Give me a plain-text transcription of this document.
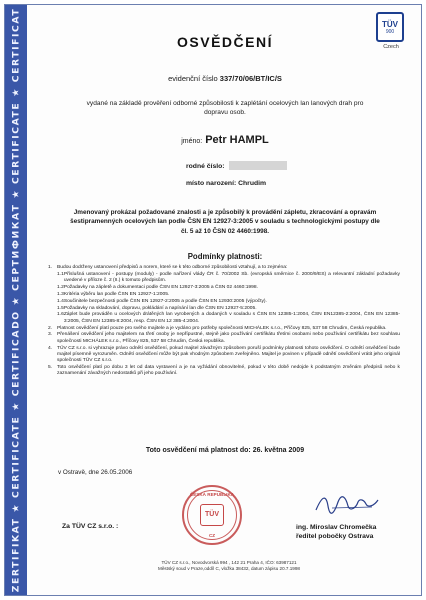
ZERTIFIKAT ★ CERTIFICATE ★ CERTIFICADO ★ СЕРТИФИКАТ ★ CERTIFICATE ★ CERTIFICAT	TÜV
900
Czech
OSVĚDČENÍ
evidenční číslo 337/70/06/BT/IC/S
vydané na základě prověření odborné způsobilosti k zaplétání ocelových lan lanových drah pro dopravu osob.
jméno: Petr HAMPL
rodné číslo:
místo narození: Chrudim
Jmenovaný prokázal požadované znalosti a je způsobilý k provádění zápletu, zkracování a opravám šestipramenných ocelových lan podle ČSN EN 12927-3:2005 v souladu s technologickými postupy dle čl. 5 až 10 ČSN 02 4460:1998.
Podmínky platnosti:
1.	Budou dodrženy ustanovení předpisů a norem, které se k této odborné způsobilosti vztahují, a to zejména:
1.1 Příslušná ustanovení - postupy (moduly) - podle nařízení vlády ČR č. 70/2002 Sb. (evropská směrnice č. 2000/9/ES) a relevantní základní požadavky uvedené v příloze č. 2 (II.) k tomuto předpisům.
1.2 Požadavky na zápletě a dokumentaci podle ČSN EN 12927-3:2005 a ČSN 02 4460:1998.
1.3 Kritéria výběru lan podle ČSN EN 12927-1:2005.
1.4 Součinitele bezpečnosti podle ČSN EN 12927-2:2005 a podle ČSN EN 12930:2005 (výpočty).
1.5 Požadavky na skladování, dopravu, pokládání a napínání lan dle ČSN EN 12927-5:2005.
1.6 Záplet bude prováděn u ocelových drátěných lan vyrobených a dodaných v souladu s ČSN EN 12385-1:2004, ČSN EN12385-2:2004, ČSN EN 12385-3:2005, ČSN EN 12385-8:2004, resp. ČSN EN 12 385-4:2004.
2.	Platnost osvědčení platí pouze pro svého majitele a je vydáno pro potřeby společnosti MICHÁLEK s.r.o., Příčovy 825, 537 58 Chrudim, Česká republika.
3.	Přenášení osvědčení jeho majitelem na třetí osoby je nepřípustné, stejně jako používání certifikátu třetími osobami nebo používání certifikátu bez souhlasu společnosti MICHÁLEK s.r.o., Příčovy 825, 537 58 Chrudim, Česká republika.
4.	TÜV CZ s.r.o. si vyhrazuje právo odnětí osvědčení, pokud majitel závažným způsobem poruší podmínky platnosti tohoto osvědčení. O odnětí osvědčení bude majitel písemně vyrozuměn. Odnětí osvědčení může být pak vhodným způsobem zveřejněno. Majitel je povinen v případě odnětí osvědčení vrátit jeho originál společnosti TÜV CZ s.r.o.
5.	Toto osvědčení platí po dobu 3 let od data vystavení a je na vyžádání obnovitelné, pokud v této době nedojde k podstatným změnám předpisů nebo k zaznamenání závažných nedostatků při jeho používání.
Toto osvědčení má platnost do: 26. května 2009
v Ostravě, dne 26.05.2006
ČESKÁ REPUBLIKA
TÜV
CZ
Za TÜV CZ s.r.o. :	ing. Miroslav Chromečka
ředitel pobočky Ostrava
TÜV CZ s.r.o., Novodvorská 994 , 142 21 Praha 4, IČO: 63987121
Městský soud v Praze,oddíl C, vložka 38432, datum zápisu 20.7.1998
